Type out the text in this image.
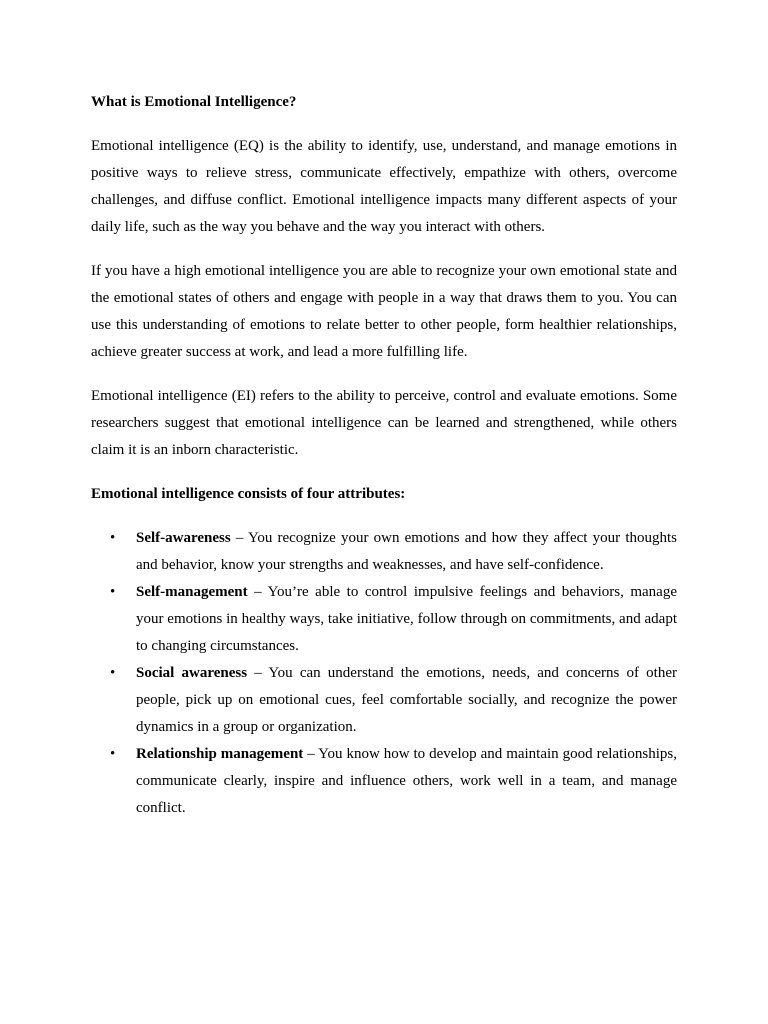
What is Emotional Intelligence?

Emotional intelligence (EQ) is the ability to identify, use, understand, and manage emotions in positive ways to relieve stress, communicate effectively, empathize with others, overcome challenges, and diffuse conflict. Emotional intelligence impacts many different aspects of your daily life, such as the way you behave and the way you interact with others.

If you have a high emotional intelligence you are able to recognize your own emotional state and the emotional states of others and engage with people in a way that draws them to you. You can use this understanding of emotions to relate better to other people, form healthier relationships, achieve greater success at work, and lead a more fulfilling life.

Emotional intelligence (EI) refers to the ability to perceive, control and evaluate emotions. Some researchers suggest that emotional intelligence can be learned and strengthened, while others claim it is an inborn characteristic.

Emotional intelligence consists of four attributes:

• Self-awareness – You recognize your own emotions and how they affect your thoughts and behavior, know your strengths and weaknesses, and have self-confidence.
• Self-management – You’re able to control impulsive feelings and behaviors, manage your emotions in healthy ways, take initiative, follow through on commitments, and adapt to changing circumstances.
• Social awareness – You can understand the emotions, needs, and concerns of other people, pick up on emotional cues, feel comfortable socially, and recognize the power dynamics in a group or organization.
• Relationship management – You know how to develop and maintain good relationships, communicate clearly, inspire and influence others, work well in a team, and manage conflict.
